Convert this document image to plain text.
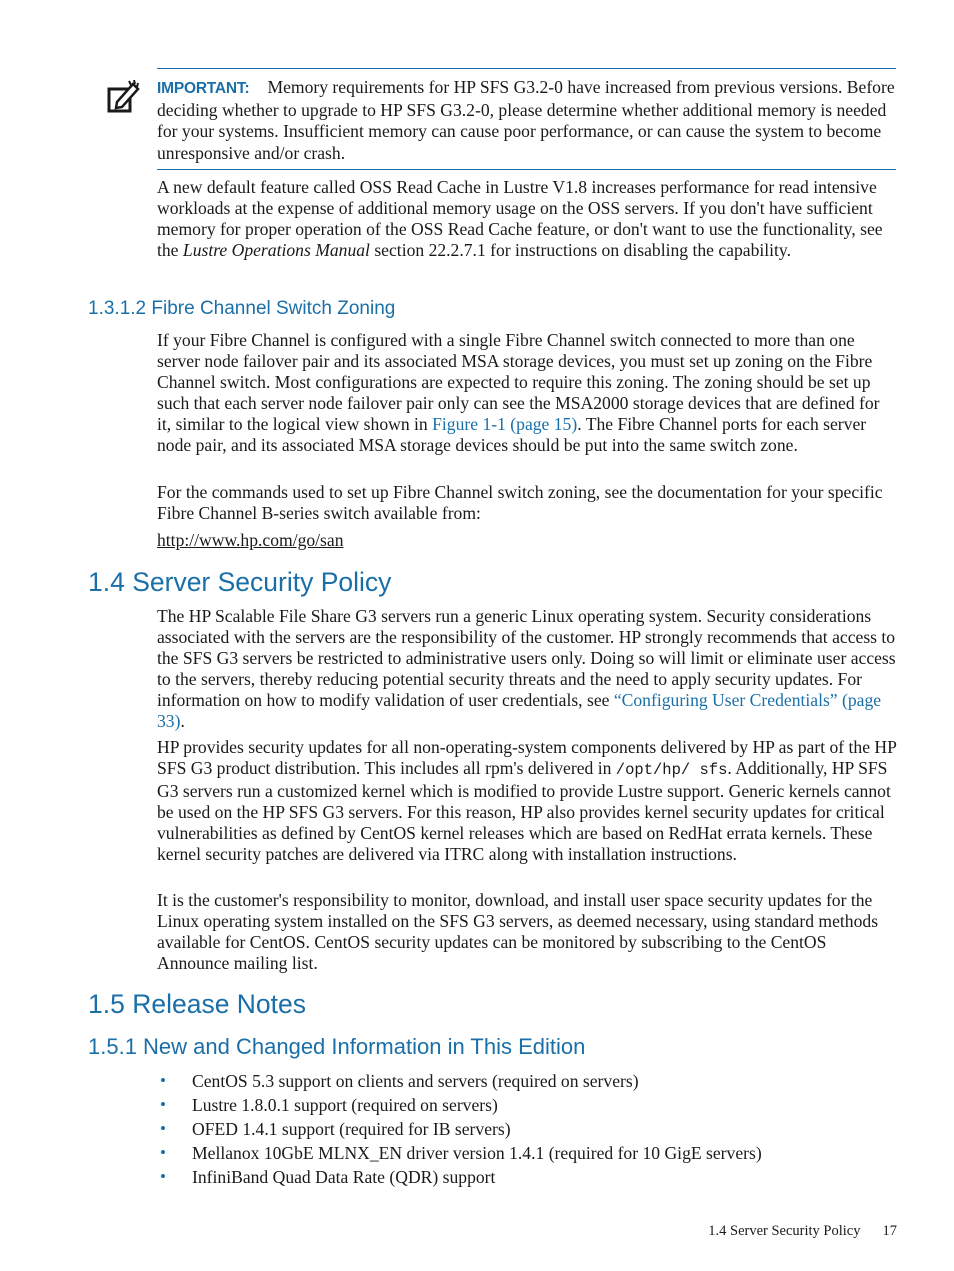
IMPORTANT: Memory requirements for HP SFS G3.2-0 have increased from previous versions. Before deciding whether to upgrade to HP SFS G3.2-0, please determine whether additional memory is needed for your systems. Insufficient memory can cause poor performance, or can cause the system to become unresponsive and/or crash.

A new default feature called OSS Read Cache in Lustre V1.8 increases performance for read intensive workloads at the expense of additional memory usage on the OSS servers. If you don't have sufficient memory for proper operation of the OSS Read Cache feature, or don't want to use the functionality, see the Lustre Operations Manual section 22.2.7.1 for instructions on disabling the capability.

1.3.1.2 Fibre Channel Switch Zoning

If your Fibre Channel is configured with a single Fibre Channel switch connected to more than one server node failover pair and its associated MSA storage devices, you must set up zoning on the Fibre Channel switch. Most configurations are expected to require this zoning. The zoning should be set up such that each server node failover pair only can see the MSA2000 storage devices that are defined for it, similar to the logical view shown in Figure 1-1 (page 15). The Fibre Channel ports for each server node pair, and its associated MSA storage devices should be put into the same switch zone.

For the commands used to set up Fibre Channel switch zoning, see the documentation for your specific Fibre Channel B-series switch available from:

http://www.hp.com/go/san

1.4 Server Security Policy

The HP Scalable File Share G3 servers run a generic Linux operating system. Security considerations associated with the servers are the responsibility of the customer. HP strongly recommends that access to the SFS G3 servers be restricted to administrative users only. Doing so will limit or eliminate user access to the servers, thereby reducing potential security threats and the need to apply security updates. For information on how to modify validation of user credentials, see “Configuring User Credentials” (page 33).

HP provides security updates for all non-operating-system components delivered by HP as part of the HP SFS G3 product distribution. This includes all rpm's delivered in /opt/hp/ sfs. Additionally, HP SFS G3 servers run a customized kernel which is modified to provide Lustre support. Generic kernels cannot be used on the HP SFS G3 servers. For this reason, HP also provides kernel security updates for critical vulnerabilities as defined by CentOS kernel releases which are based on RedHat errata kernels. These kernel security patches are delivered via ITRC along with installation instructions.

It is the customer's responsibility to monitor, download, and install user space security updates for the Linux operating system installed on the SFS G3 servers, as deemed necessary, using standard methods available for CentOS. CentOS security updates can be monitored by subscribing to the CentOS Announce mailing list.

1.5 Release Notes
1.5.1 New and Changed Information in This Edition
• CentOS 5.3 support on clients and servers (required on servers)
• Lustre 1.8.0.1 support (required on servers)
• OFED 1.4.1 support (required for IB servers)
• Mellanox 10GbE MLNX_EN driver version 1.4.1 (required for 10 GigE servers)
• InfiniBand Quad Data Rate (QDR) support
1.4 Server Security Policy 17
